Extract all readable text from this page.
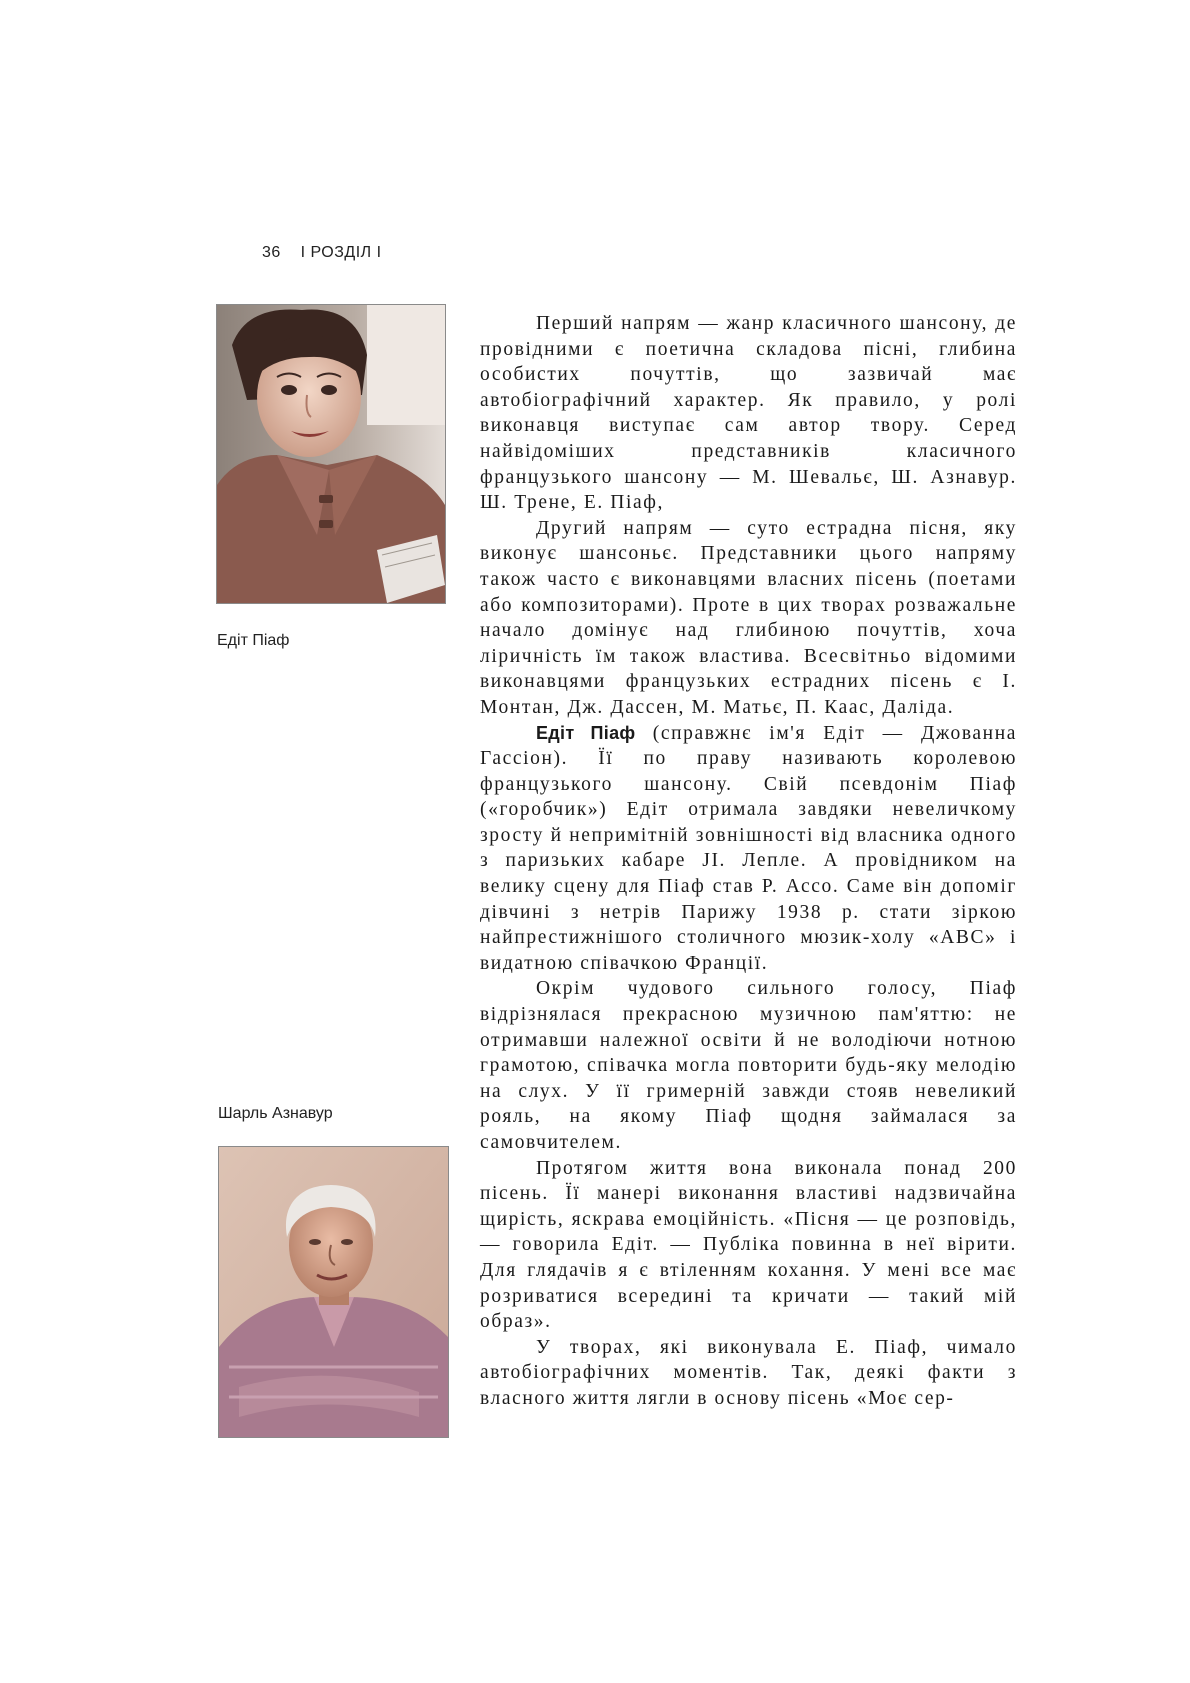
36 І РОЗДІЛ І
Едіт Піаф
Шарль Азнавур

Перший напрям — жанр класичного шансону, де провідними є поетична складова пісні, глибина особистих почуттів, що зазвичай має автобіографічний характер. Як правило, у ролі виконавця виступає сам автор твору. Серед найвідоміших представників класичного французького шансону — М. Шевальє, Ш. Азнавур. Ш. Трене, Е. Піаф,

Другий напрям — суто естрадна пісня, яку виконує шансоньє. Представники цього напряму також часто є виконавцями власних пісень (поетами або композиторами). Проте в цих творах розважальне начало домінує над глибиною почуттів, хоча ліричність їм також властива. Всесвітньо відомими виконавцями французьких естрадних пісень є І. Монтан, Дж. Дассен, М. Матьє, П. Каас, Даліда.

Едіт Піаф (справжнє ім'я Едіт — Джованна Гассіон). Її по праву називають королевою французького шансону. Свій псевдонім Піаф («горобчик») Едіт отримала завдяки невеличкому зросту й непримітній зовнішності від власника одного з паризьких кабаре JI. Лепле. А провідником на велику сцену для Піаф став Р. Ассо. Саме він допоміг дівчині з нетрів Парижу 1938 р. стати зіркою найпрестижнішого столичного мюзик-холу «АВС» і видатною співачкою Франції.

Окрім чудового сильного голосу, Піаф відрізнялася прекрасною музичною пам'яттю: не отримавши належної освіти й не володіючи нотною грамотою, співачка могла повторити будь-яку мелодію на слух. У її гримерній завжди стояв невеликий рояль, на якому Піаф щодня займалася за самовчителем.

Протягом життя вона виконала понад 200 пісень. Її манері виконання властиві надзвичайна щирість, яскрава емоційність. «Пісня — це розповідь, — говорила Едіт. — Публіка повинна в неї вірити. Для глядачів я є втіленням кохання. У мені все має розриватися всередині та кричати — такий мій образ».

У творах, які виконувала Е. Піаф, чимало автобіографічних моментів. Так, деякі факти з власного життя лягли в основу пісень «Моє сер-
